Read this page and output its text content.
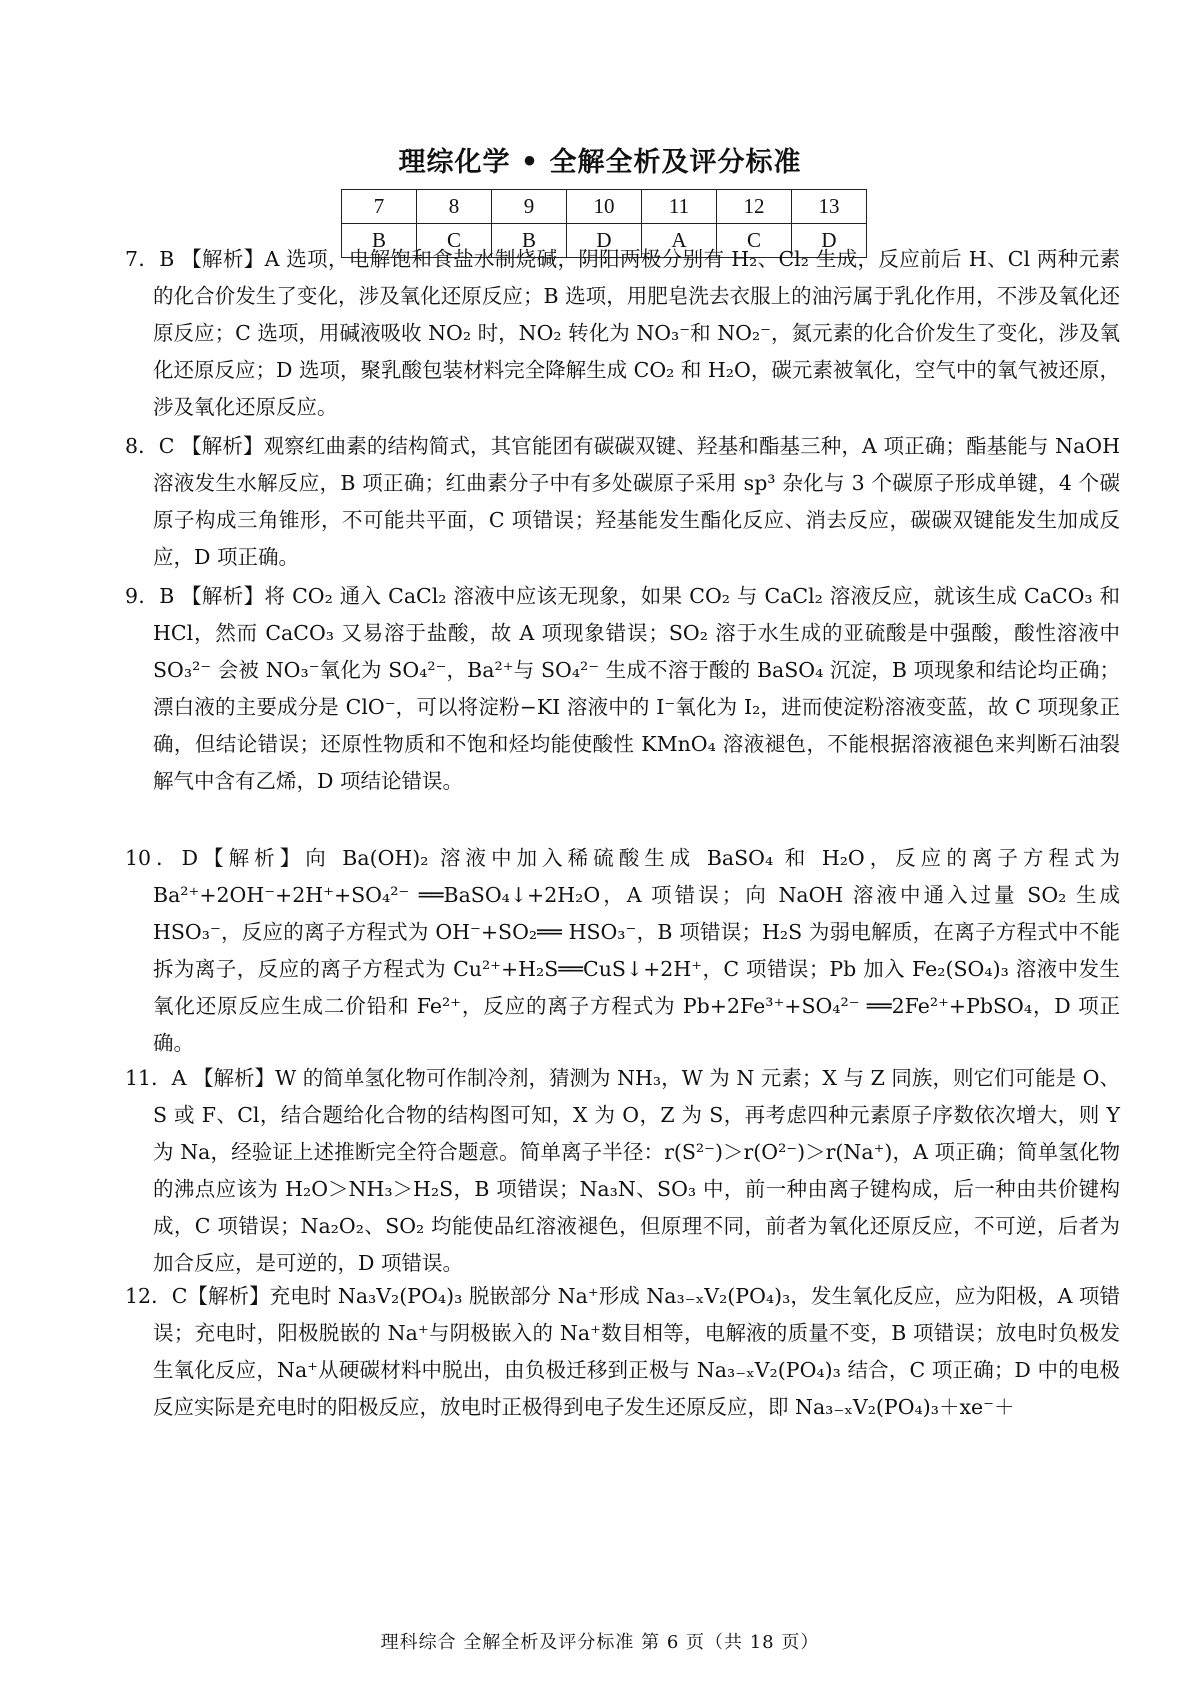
理综化学 • 全解全析及评分标准
7	8	9	10	11	12	13
B	C	B	D	A	C	D
7．B 【解析】A 选项，电解饱和食盐水制烧碱，阴阳两极分别有 H₂、Cl₂ 生成，反应前后 H、Cl 两种元素的化合价发生了变化，涉及氧化还原反应；B 选项，用肥皂洗去衣服上的油污属于乳化作用，不涉及氧化还原反应；C 选项，用碱液吸收 NO₂ 时，NO₂ 转化为 NO₃⁻和 NO₂⁻，氮元素的化合价发生了变化，涉及氧化还原反应；D 选项，聚乳酸包装材料完全降解生成 CO₂ 和 H₂O，碳元素被氧化，空气中的氧气被还原，涉及氧化还原反应。
8．C 【解析】观察红曲素的结构简式，其官能团有碳碳双键、羟基和酯基三种，A 项正确；酯基能与 NaOH 溶液发生水解反应，B 项正确；红曲素分子中有多处碳原子采用 sp³ 杂化与 3 个碳原子形成单键，4 个碳原子构成三角锥形，不可能共平面，C 项错误；羟基能发生酯化反应、消去反应，碳碳双键能发生加成反应，D 项正确。
9．B 【解析】将 CO₂ 通入 CaCl₂ 溶液中应该无现象，如果 CO₂ 与 CaCl₂ 溶液反应，就该生成 CaCO₃ 和 HCl，然而 CaCO₃ 又易溶于盐酸，故 A 项现象错误；SO₂ 溶于水生成的亚硫酸是中强酸，酸性溶液中 SO₃²⁻ 会被 NO₃⁻氧化为 SO₄²⁻，Ba²⁺与 SO₄²⁻ 生成不溶于酸的 BaSO₄ 沉淀，B 项现象和结论均正确；漂白液的主要成分是 ClO⁻，可以将淀粉−KI 溶液中的 I⁻氧化为 I₂，进而使淀粉溶液变蓝，故 C 项现象正确，但结论错误；还原性物质和不饱和烃均能使酸性 KMnO₄ 溶液褪色，不能根据溶液褪色来判断石油裂解气中含有乙烯，D 项结论错误。
10．D【解析】向 Ba(OH)₂ 溶液中加入稀硫酸生成 BaSO₄ 和 H₂O，反应的离子方程式为 Ba²⁺+2OH⁻+2H⁺+SO₄²⁻ ══BaSO₄↓+2H₂O，A 项错误；向 NaOH 溶液中通入过量 SO₂ 生成 HSO₃⁻，反应的离子方程式为 OH⁻+SO₂══ HSO₃⁻，B 项错误；H₂S 为弱电解质，在离子方程式中不能拆为离子，反应的离子方程式为 Cu²⁺+H₂S══CuS↓+2H⁺，C 项错误；Pb 加入 Fe₂(SO₄)₃ 溶液中发生氧化还原反应生成二价铅和 Fe²⁺，反应的离子方程式为 Pb+2Fe³⁺+SO₄²⁻ ══2Fe²⁺+PbSO₄，D 项正确。
11．A 【解析】W 的简单氢化物可作制冷剂，猜测为 NH₃，W 为 N 元素；X 与 Z 同族，则它们可能是 O、S 或 F、Cl，结合题给化合物的结构图可知，X 为 O，Z 为 S，再考虑四种元素原子序数依次增大，则 Y 为 Na，经验证上述推断完全符合题意。简单离子半径：r(S²⁻)＞r(O²⁻)＞r(Na⁺)，A 项正确；简单氢化物的沸点应该为 H₂O＞NH₃＞H₂S，B 项错误；Na₃N、SO₃ 中，前一种由离子键构成，后一种由共价键构成，C 项错误；Na₂O₂、SO₂ 均能使品红溶液褪色，但原理不同，前者为氧化还原反应，不可逆，后者为加合反应，是可逆的，D 项错误。
12．C【解析】充电时 Na₃V₂(PO₄)₃ 脱嵌部分 Na⁺形成 Na₃₋ₓV₂(PO₄)₃，发生氧化反应，应为阳极，A 项错误；充电时，阳极脱嵌的 Na⁺与阴极嵌入的 Na⁺数目相等，电解液的质量不变，B 项错误；放电时负极发生氧化反应，Na⁺从硬碳材料中脱出，由负极迁移到正极与 Na₃₋ₓV₂(PO₄)₃ 结合，C 项正确；D 中的电极反应实际是充电时的阳极反应，放电时正极得到电子发生还原反应，即 Na₃₋ₓV₂(PO₄)₃＋xe⁻＋
理科综合 全解全析及评分标准 第 6 页（共 18 页）
